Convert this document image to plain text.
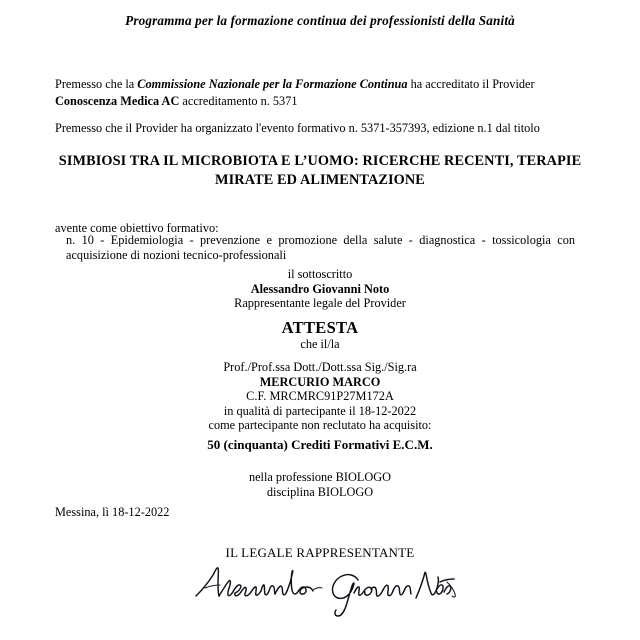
Programma per la formazione continua dei professionisti della Sanità
Premesso che la Commissione Nazionale per la Formazione Continua ha accreditato il Provider
Conoscenza Medica AC accreditamento n. 5371
Premesso che il Provider ha organizzato l'evento formativo n. 5371-357393, edizione n.1 dal titolo
SIMBIOSI TRA IL MICROBIOTA E L’UOMO: RICERCHE RECENTI, TERAPIE MIRATE ED ALIMENTAZIONE
avente come obiettivo formativo:
n. 10 - Epidemiologia - prevenzione e promozione della salute - diagnostica - tossicologia con acquisizione di nozioni tecnico-professionali
il sottoscritto
Alessandro Giovanni Noto
Rappresentante legale del Provider
ATTESTA
che il/la
Prof./Prof.ssa Dott./Dott.ssa Sig./Sig.ra
MERCURIO MARCO
C.F. MRCMRC91P27M172A
in qualità di partecipante il 18-12-2022
come partecipante non reclutato ha acquisito:
50 (cinquanta) Crediti Formativi E.C.M.
nella professione BIOLOGO
disciplina BIOLOGO
Messina, lì 18-12-2022
IL LEGALE RAPPRESENTANTE
